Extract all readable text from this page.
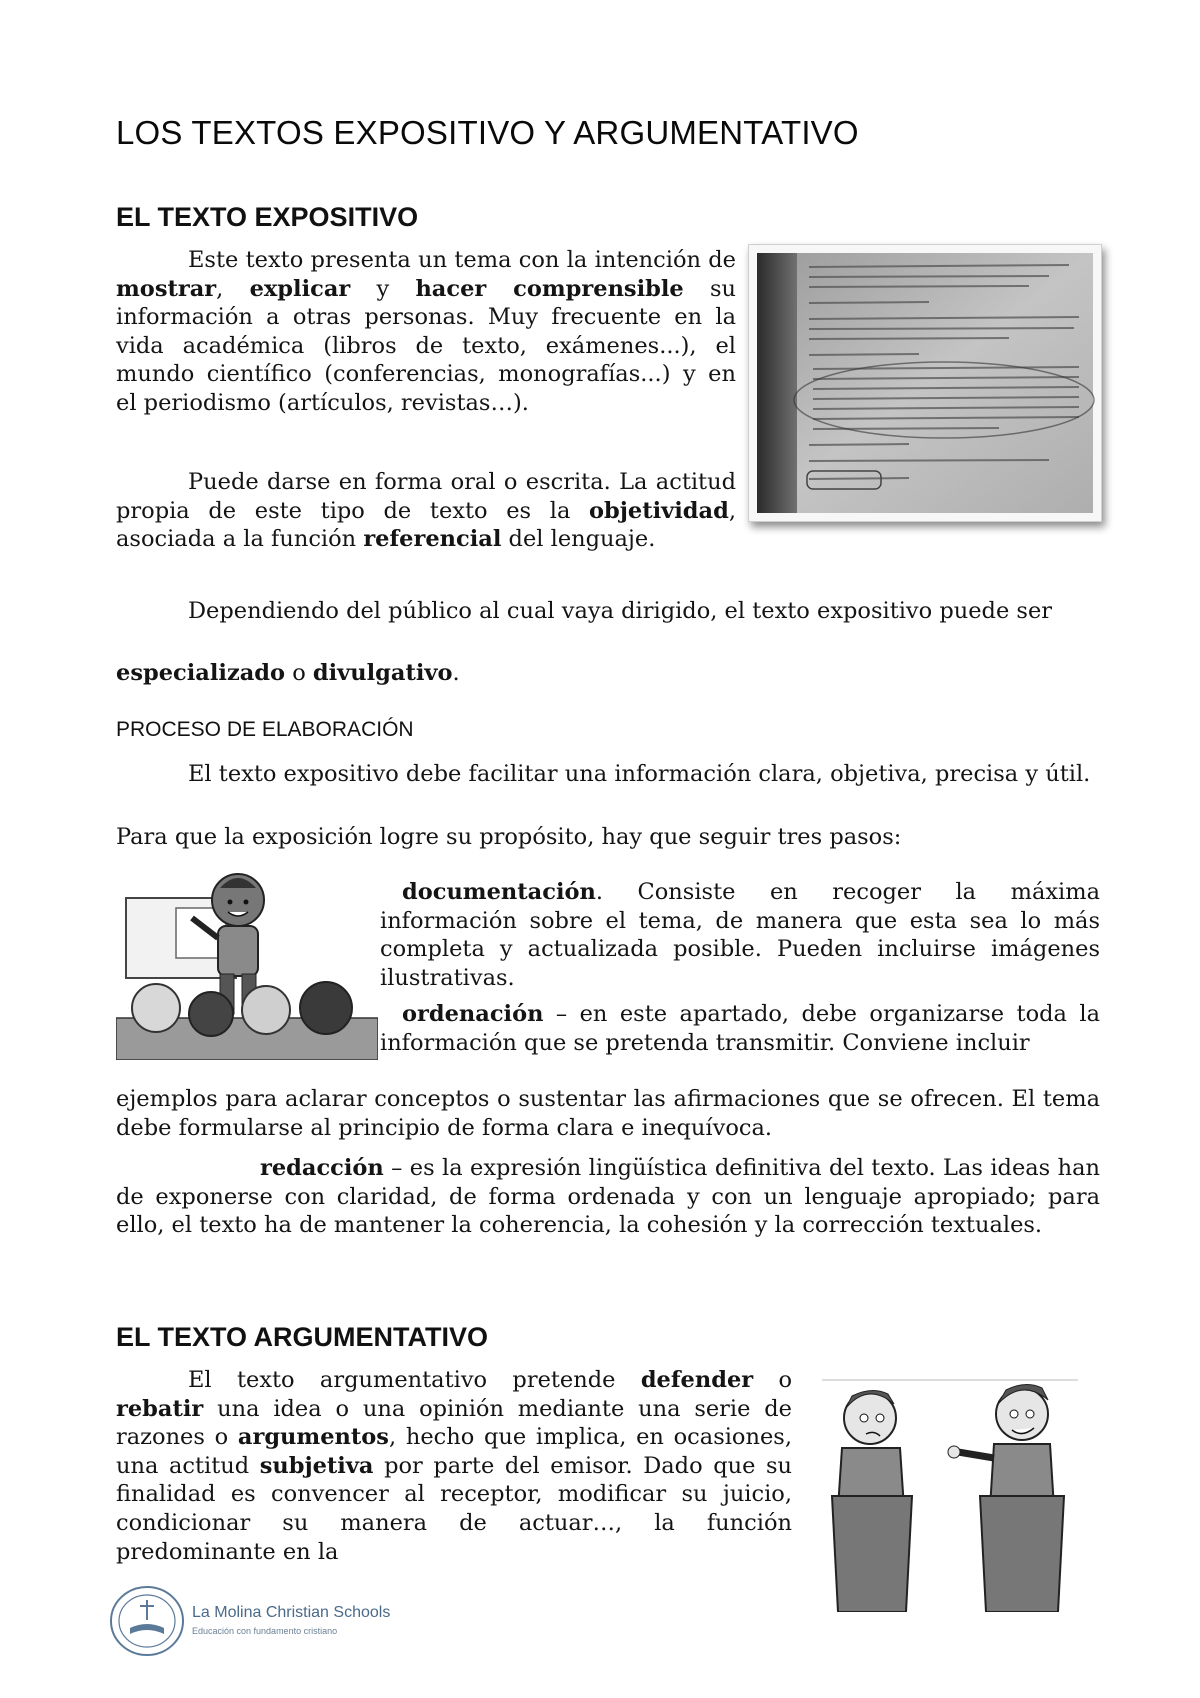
LOS TEXTOS EXPOSITIVO Y ARGUMENTATIVO
EL TEXTO EXPOSITIVO
Este texto presenta un tema con la intención de mostrar, explicar y hacer comprensible su información a otras personas. Muy frecuente en la vida académica (libros de texto, exámenes...), el mundo científico (conferencias, monografías...) y en el periodismo (artículos, revistas…).
Puede darse en forma oral o escrita. La actitud propia de este tipo de texto es la objetividad, asociada a la función referencial del lenguaje.
Dependiendo del público al cual vaya dirigido, el texto expositivo puede ser
especializado o divulgativo.
PROCESO DE ELABORACIÓN
El texto expositivo debe facilitar una información clara, objetiva, precisa y útil.
Para que la exposición logre su propósito, hay que seguir tres pasos:
documentación. Consiste en recoger la máxima información sobre el tema, de manera que esta sea lo más completa y actualizada posible. Pueden incluirse imágenes ilustrativas.
ordenación – en este apartado, debe organizarse toda la información que se pretenda transmitir. Conviene incluir
ejemplos para aclarar conceptos o sustentar las afirmaciones que se ofrecen. El tema debe formularse al principio de forma clara e inequívoca.
redacción – es la expresión lingüística definitiva del texto. Las ideas han de exponerse con claridad, de forma ordenada y con un lenguaje apropiado; para ello, el texto ha de mantener la coherencia, la cohesión y la corrección textuales.
EL TEXTO ARGUMENTATIVO
El texto argumentativo pretende defender o rebatir una idea o una opinión mediante una serie de razones o argumentos, hecho que implica, en ocasiones, una actitud subjetiva por parte del emisor. Dado que su finalidad es convencer al receptor, modificar su juicio, condicionar su manera de actuar…, la función predominante en la
La Molina Christian Schools
Educación con fundamento cristiano
